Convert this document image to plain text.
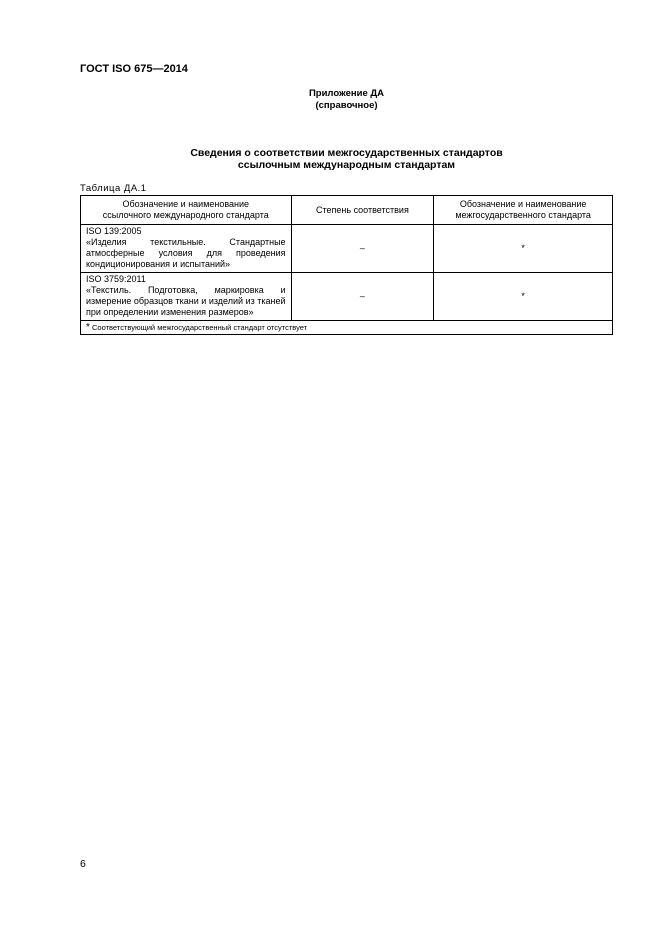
ГОСТ ISO 675—2014
Приложение ДА
(справочное)
Сведения о соответствии межгосударственных стандартов
ссылочным международным стандартам
Таблица ДА.1
Обозначение и наименование
ссылочного международного стандарта	Степень соответствия	Обозначение и наименование
межгосударственного стандарта

ISO 139:2005
«Изделия текстильные. Стандартные атмосферные условия для проведения кондиционирования и испытаний»	–	*

ISO 3759:2011
«Текстиль. Подготовка, маркировка и измерение образцов ткани и изделий из тканей при определении изменения размеров»	–	*
* Соответствующий межгосударственный стандарт отсутствует		
6
